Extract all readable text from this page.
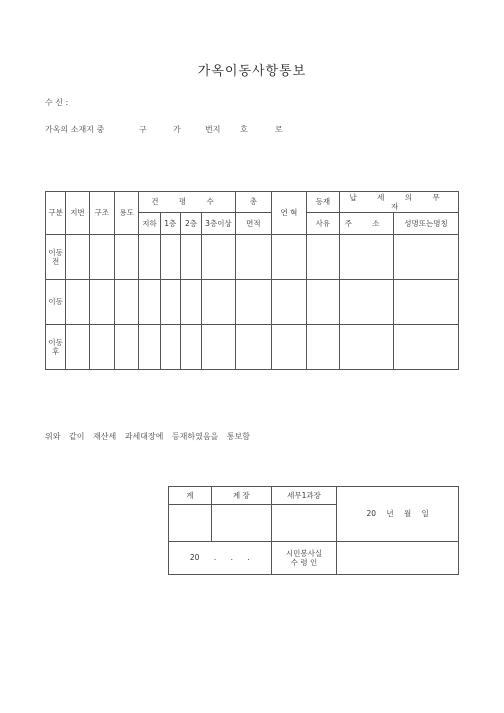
가옥이동사항통보
수 신 :
가옥의 소재지 중	구	가	번지 호	로
구분	지번	구조	용도	건 평 수				총	연 혁	등재	납 세 의 무 자	
				지하	1층	2층	3층이상	면적		사유	주 소	성명또는명칭
이동전												
이동												
이동후												
위와 같이 재산세 과세대장에 등재하였음을 통보함
계	계 장	세무1과장	20 년 월 일

20 . . .		시민봉사실
수 령 인	
